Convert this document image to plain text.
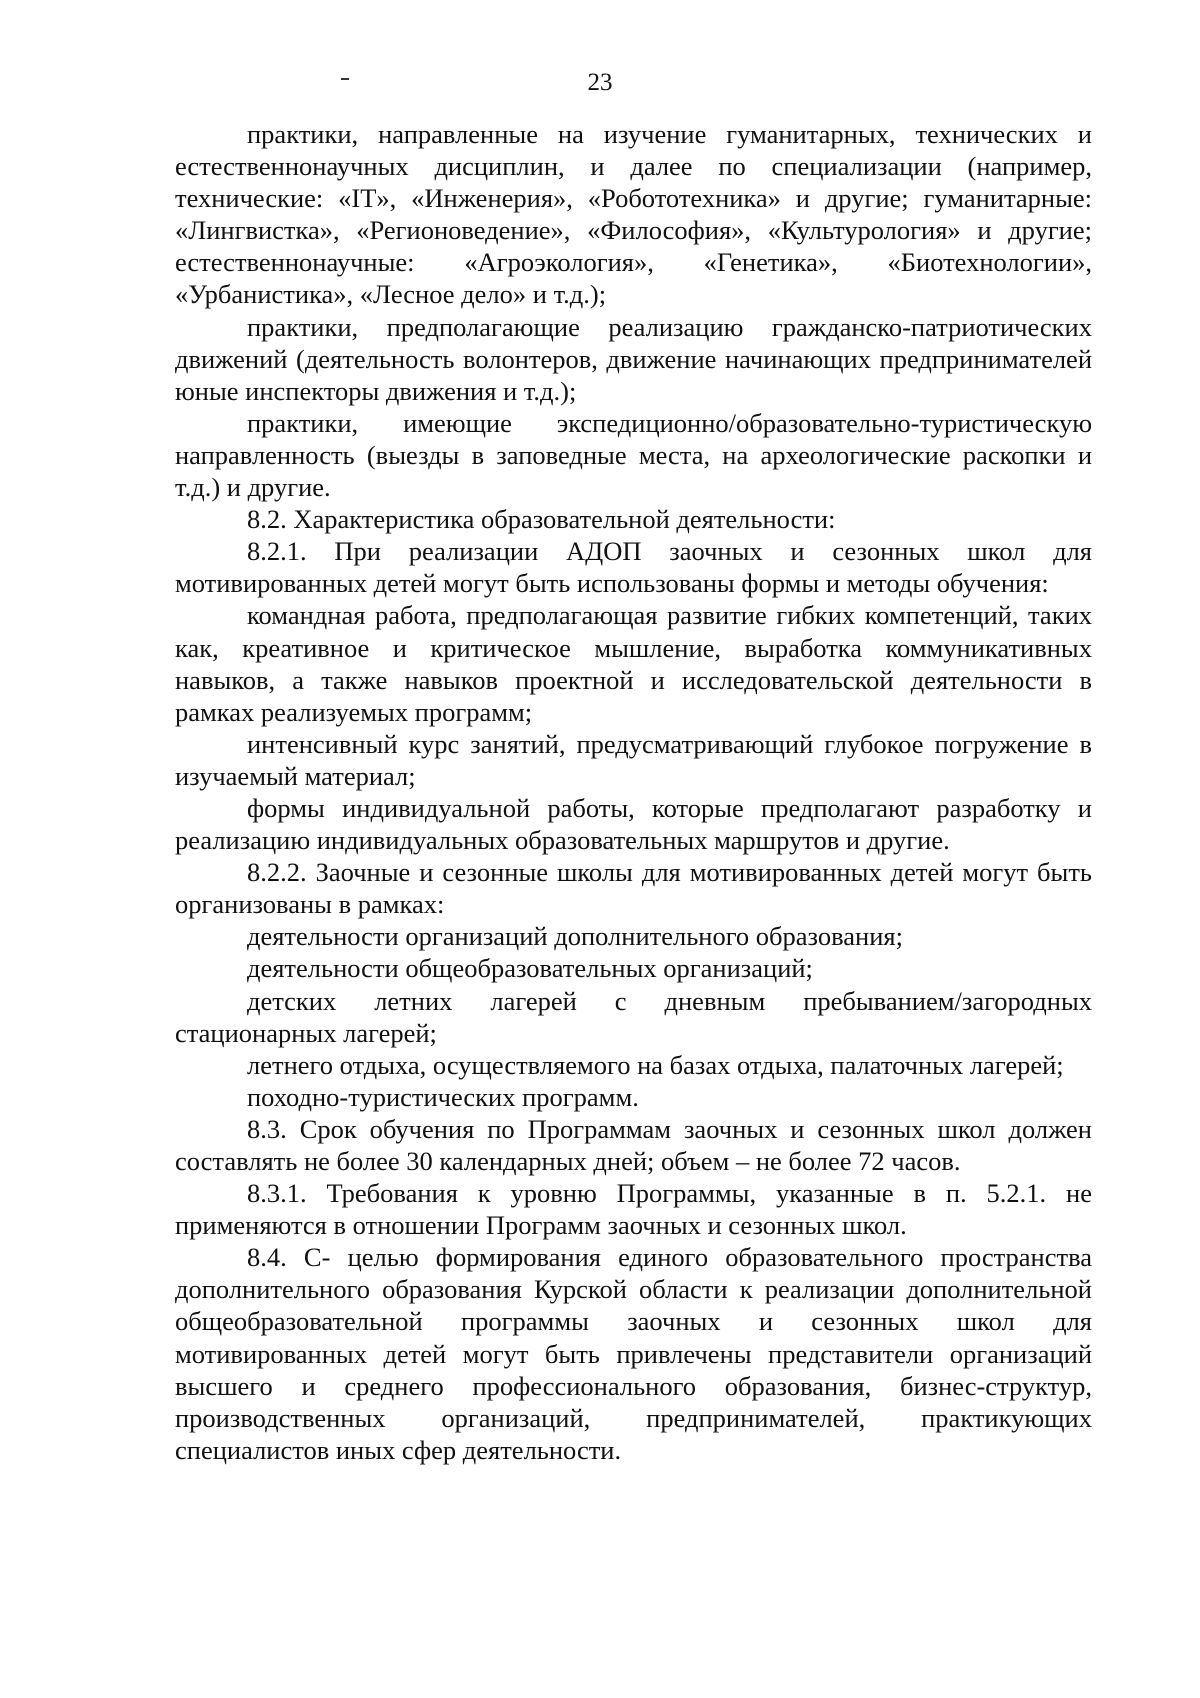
23

практики, направленные на изучение гуманитарных, технических и естественнонаучных дисциплин, и далее по специализации (например, технические: «IT», «Инженерия», «Робототехника» и другие; гуманитарные: «Лингвистка», «Регионоведение», «Философия», «Культурология» и другие; естественнонаучные: «Агроэкология», «Генетика», «Биотехнологии», «Урбанистика», «Лесное дело» и т.д.);

практики, предполагающие реализацию гражданско-патриотических движений (деятельность волонтеров, движение начинающих предпринимателей юные инспекторы движения и т.д.);

практики, имеющие экспедиционно/образовательно-туристическую направленность (выезды в заповедные места, на археологические раскопки и т.д.) и другие.

8.2. Характеристика образовательной деятельности:

8.2.1. При реализации АДОП заочных и сезонных школ для мотивированных детей могут быть использованы формы и методы обучения:

командная работа, предполагающая развитие гибких компетенций, таких как, креативное и критическое мышление, выработка коммуникативных навыков, а также навыков проектной и исследовательской деятельности в рамках реализуемых программ;

интенсивный курс занятий, предусматривающий глубокое погружение в изучаемый материал;

формы индивидуальной работы, которые предполагают разработку и реализацию индивидуальных образовательных маршрутов и другие.

8.2.2. Заочные и сезонные школы для мотивированных детей могут быть организованы в рамках:

деятельности организаций дополнительного образования;

деятельности общеобразовательных организаций;

детских летних лагерей с дневным пребыванием/загородных стационарных лагерей;

летнего отдыха, осуществляемого на базах отдыха, палаточных лагерей;

походно-туристических программ.

8.3. Срок обучения по Программам заочных и сезонных школ должен составлять не более 30 календарных дней; объем – не более 72 часов.

8.3.1. Требования к уровню Программы, указанные в п. 5.2.1. не применяются в отношении Программ заочных и сезонных школ.

8.4. С- целью формирования единого образовательного пространства дополнительного образования Курской области к реализации дополнительной общеобразовательной программы заочных и сезонных школ для мотивированных детей могут быть привлечены представители организаций высшего и среднего профессионального образования, бизнес-структур, производственных организаций, предпринимателей, практикующих специалистов иных сфер деятельности.
